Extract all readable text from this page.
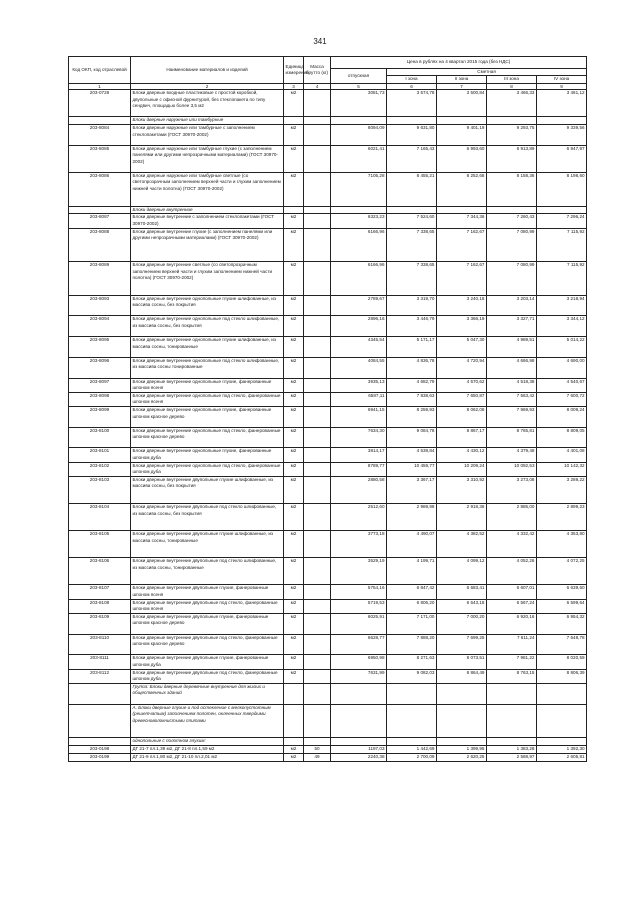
341
Код ОКП, код отраслевой	Наименование материалов и изделий	Единица измерения	Масса брутто (кг)	Цена в рублях на 4 квартал 2015 года (без НДС)				
				отпускная	Сметная			
					I зона	II зона	III зона	IV зона
1	2	3	4	5	6	7	8	9
203-0728	Блоки дверные входные пластиковые с простой коробкой, двупольные с офисной фурнитурой, без стеклопакета по типу сендвич, площадью более 3,5 м2	м2		3081,73	3 574,78	3 500,84	3 466,33	3 461,12
	Блоки дверные наружные или тамбурные							
203-8084	Блоки дверные наружные или тамбурные с заполнением стеклопакетами (ГОСТ 30970-2002)	м2		8094,09	9 631,80	9 401,19	9 293,75	9 339,56
203-8085	Блоки дверные наружные или тамбурные глухие (с заполнением панелями или другими непрозрачными материалами) (ГОСТ 30970-2002)	м2		6021,41	7 165,43	6 993,60	6 913,89	6 947,97
203-8086	Блоки дверные наружные или тамбурные светлые (со светопрозрачным заполнением верхней части и глухим заполнением нижней части полотна) (ГОСТ 30970-2002)	м2		7105,28	8 455,21	8 252,68	8 158,36	8 198,60
	Блоки дверные внутренние							
203-8087	Блоки дверные внутренние с заполнением стеклопакетами (ГОСТ 30970-2002)	м2		6323,23	7 524,60	7 344,36	7 260,43	7 296,24
203-8088	Блоки дверные внутренние глухие (с заполнением панелями или другими непрозрачными материалами) (ГОСТ 30970-2002)	м2		6166,96	7 338,65	7 162,67	7 080,99	7 115,92
203-8089	Блоки дверные внутренние светлые (со светопрозрачным заполнением верхней части и глухим заполнением нижней части полотна) (ГОСТ 30970-2002)	м2		6166,96	7 338,65	7 162,67	7 080,99	7 115,92
203-8093	Блоки дверные внутренние однопольные глухие шлифованные, из массива сосны, без покрытия	м2		2789,67	3 319,70	3 240,18	3 203,14	3 218,94
203-8094	Блоки дверные внутренние однопольные под стекло шлифованные, из массива сосны, без покрытия	м2		2896,16	3 446,79	3 366,19	3 327,71	3 344,12
203-8095	Блоки дверные внутренние однопольные глухие шлифованные, из массива сосны, тонированные	м2		4345,54	5 171,17	5 047,30	4 989,51	5 014,22
203-8096	Блоки дверные внутренние однопольные под стекло шлифованные, из массива сосны тонированные	м2		4084,55	4 836,78	4 720,94	4 666,98	4 690,00
203-8097	Блоки дверные внутренние однопольные глухие, фанерованные шпоном ясеня	м2		3935,13	4 682,79	4 570,62	4 518,38	4 540,67
203-8098	Блоки дверные внутренние однопольные под стекло, фанерованные шпоном ясеня	м2		6587,11	7 838,63	7 650,87	7 563,42	7 600,72
203-8099	Блоки дверные внутренние однопольные глухие, фанерованные шпоном красное дерево	м2		6941,15	8 259,93	8 062,08	7 969,93	8 009,24
203-8100	Блоки дверные внутренние однопольные под стекло, фанерованные шпоном красное дерево	м2		7634,30	9 084,78	8 867,17	8 765,81	8 809,05
203-8101	Блоки дверные внутренние однопольные глухие, фанерованные шпоном дуба	м2		3814,17	4 538,84	4 430,12	4 379,48	4 401,08
203-8102	Блоки дверные внутренние однопольные под стекло, фанерованные шпоном дуба	м2		8789,77	10 459,77	10 209,24	10 092,53	10 142,32
203-8103	Блоки дверные внутренние двупольные глухие шлифованные, из массива сосны, без покрытия	м2		2880,58	3 367,17	3 310,92	3 273,08	3 289,22
203-8104	Блоки дверные внутренние двупольные под стекло шлифованные, из массива сосны, без покрытия	м2		2512,60	2 989,98	2 918,36	2 885,00	2 899,23
203-8105	Блоки дверные внутренние двупольные глухие шлифованные, из массива сосны, тонированные	м2		3773,18	4 490,07	4 382,52	4 332,42	4 353,80
203-8106	Блоки дверные внутренние двупольные под стекло шлифованные, из массива сосны, тонированные	м2		3529,19	4 199,71	4 099,12	4 052,26	4 072,25
203-8107	Блоки дверные внутренние двупольные глухие, фанерованные шпоном ясеня	м2		5754,16	6 847,42	6 683,41	6 607,01	6 639,60
203-8108	Блоки дверные внутренние двупольные под стекло, фанерованные шпоном ясеня	м2		5719,53	6 806,20	6 643,18	6 567,24	6 599,64
203-8109	Блоки дверные внутренние двупольные глухие, фанерованные шпоном красное дерево	м2		6025,91	7 171,00	7 000,20	6 920,16	6 954,32
203-8110	Блоки дверные внутренние двупольные под стекло, фанерованные шпоном красное дерево	м2		6628,77	7 888,20	7 699,25	7 611,24	7 648,78
203-8111	Блоки дверные внутренние двупольные глухие, фанерованные шпоном дуба	м2		6950,98	8 271,63	8 073,51	7 981,22	8 020,59
203-8112	Блоки дверные внутренние двупольные под стекло, фанерованные шпоном дуба	м2		7631,99	9 082,03	8 864,49	8 763,15	8 806,39
	Группа: Блоки дверные деревянные внутренние для жилых и общественных зданий							
	А. Блоки дверные глухие и под остекление с мелкопустотным (решетчатым) заполнением полотен, оклеенных твердыми древесноволокнистыми плитами							
	однопольные с полотном глухим:							
203-0198	ДГ 21-7 пл.1,39 м2, ДГ 21-8 пл.1,59 м2	м2	50	1197,03	1 442,69	1 399,95	1 383,28	1 392,30
203-0199	ДГ 21-9 пл.1,80 м2, ДГ 21-10 пл.2,01 м2	м2	49	2240,38	2 700,09	2 620,25	2 588,97	2 605,81
